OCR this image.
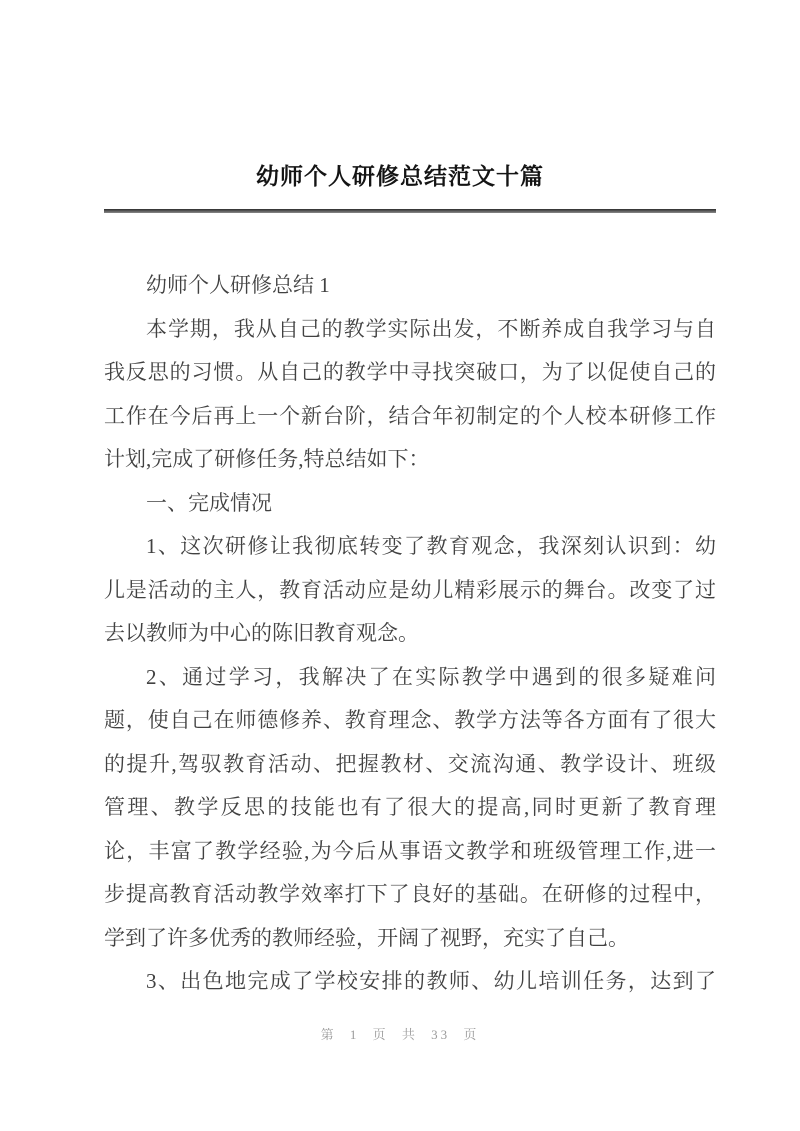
幼师个人研修总结范文十篇
幼师个人研修总结 1
本学期，我从自己的教学实际出发，不断养成自我学习与自
我反思的习惯。从自己的教学中寻找突破口，为了以促使自己的
工作在今后再上一个新台阶，结合年初制定的个人校本研修工作
计划,完成了研修任务,特总结如下：
一、完成情况
1、这次研修让我彻底转变了教育观念，我深刻认识到：幼
儿是活动的主人，教育活动应是幼儿精彩展示的舞台。改变了过
去以教师为中心的陈旧教育观念。
2、通过学习，我解决了在实际教学中遇到的很多疑难问
题，使自己在师德修养、教育理念、教学方法等各方面有了很大
的提升,驾驭教育活动、把握教材、交流沟通、教学设计、班级
管理、教学反思的技能也有了很大的提高,同时更新了教育理
论，丰富了教学经验,为今后从事语文教学和班级管理工作,进一
步提高教育活动教学效率打下了良好的基础。在研修的过程中，
学到了许多优秀的教师经验，开阔了视野，充实了自己。
3、出色地完成了学校安排的教师、幼儿培训任务，达到了
第 1 页 共 33 页
